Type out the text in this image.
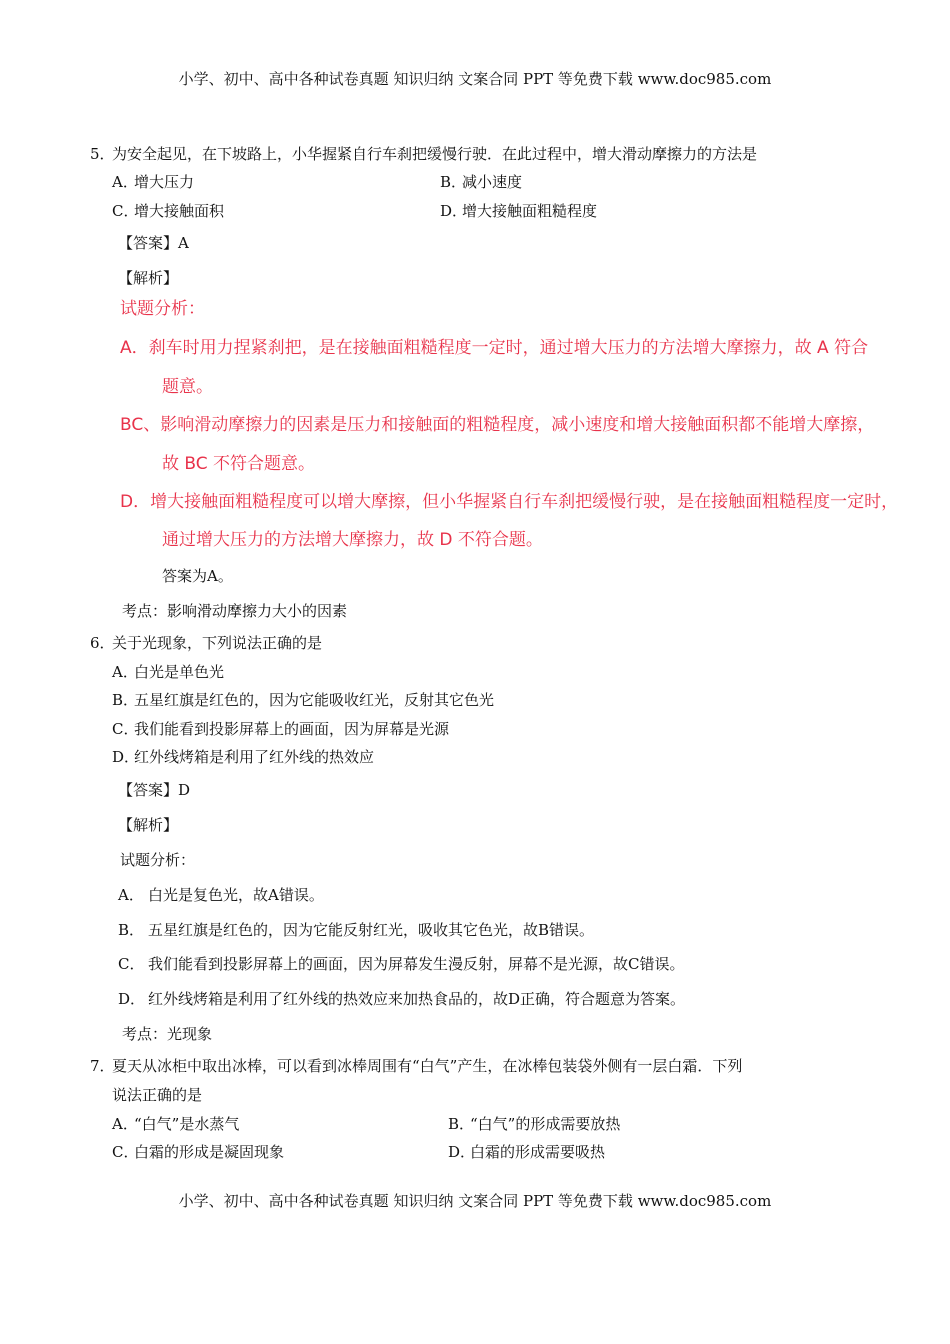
小学、初中、高中各种试卷真题 知识归纳 文案合同 PPT 等免费下载 www.doc985.com
5．为安全起见，在下坡路上，小华握紧自行车刹把缓慢行驶．在此过程中，增大滑动摩擦力的方法是
A．增大压力	B．减小速度
C．增大接触面积	D．增大接触面粗糙程度
【答案】A
【解析】
试题分析：
A．刹车时用力捏紧刹把，是在接触面粗糙程度一定时，通过增大压力的方法增大摩擦力，故 A 符合
题意。
BC、影响滑动摩擦力的因素是压力和接触面的粗糙程度，减小速度和增大接触面积都不能增大摩擦，
故 BC 不符合题意。
D．增大接触面粗糙程度可以增大摩擦，但小华握紧自行车刹把缓慢行驶，是在接触面粗糙程度一定时，
通过增大压力的方法增大摩擦力，故 D 不符合题。
答案为A。
考点：影响滑动摩擦力大小的因素
6．关于光现象，下列说法正确的是
A．白光是单色光
B．五星红旗是红色的，因为它能吸收红光，反射其它色光
C．我们能看到投影屏幕上的画面，因为屏幕是光源
D．红外线烤箱是利用了红外线的热效应
【答案】D
【解析】
试题分析：
A． 白光是复色光，故A错误。
B． 五星红旗是红色的，因为它能反射红光，吸收其它色光，故B错误。
C． 我们能看到投影屏幕上的画面，因为屏幕发生漫反射，屏幕不是光源，故C错误。
D． 红外线烤箱是利用了红外线的热效应来加热食品的，故D正确，符合题意为答案。
考点：光现象
7．夏天从冰柜中取出冰棒，可以看到冰棒周围有“白气”产生，在冰棒包装袋外侧有一层白霜．下列
说法正确的是
A．“白气”是水蒸气	B．“白气”的形成需要放热
C．白霜的形成是凝固现象	D．白霜的形成需要吸热
小学、初中、高中各种试卷真题 知识归纳 文案合同 PPT 等免费下载 www.doc985.com
